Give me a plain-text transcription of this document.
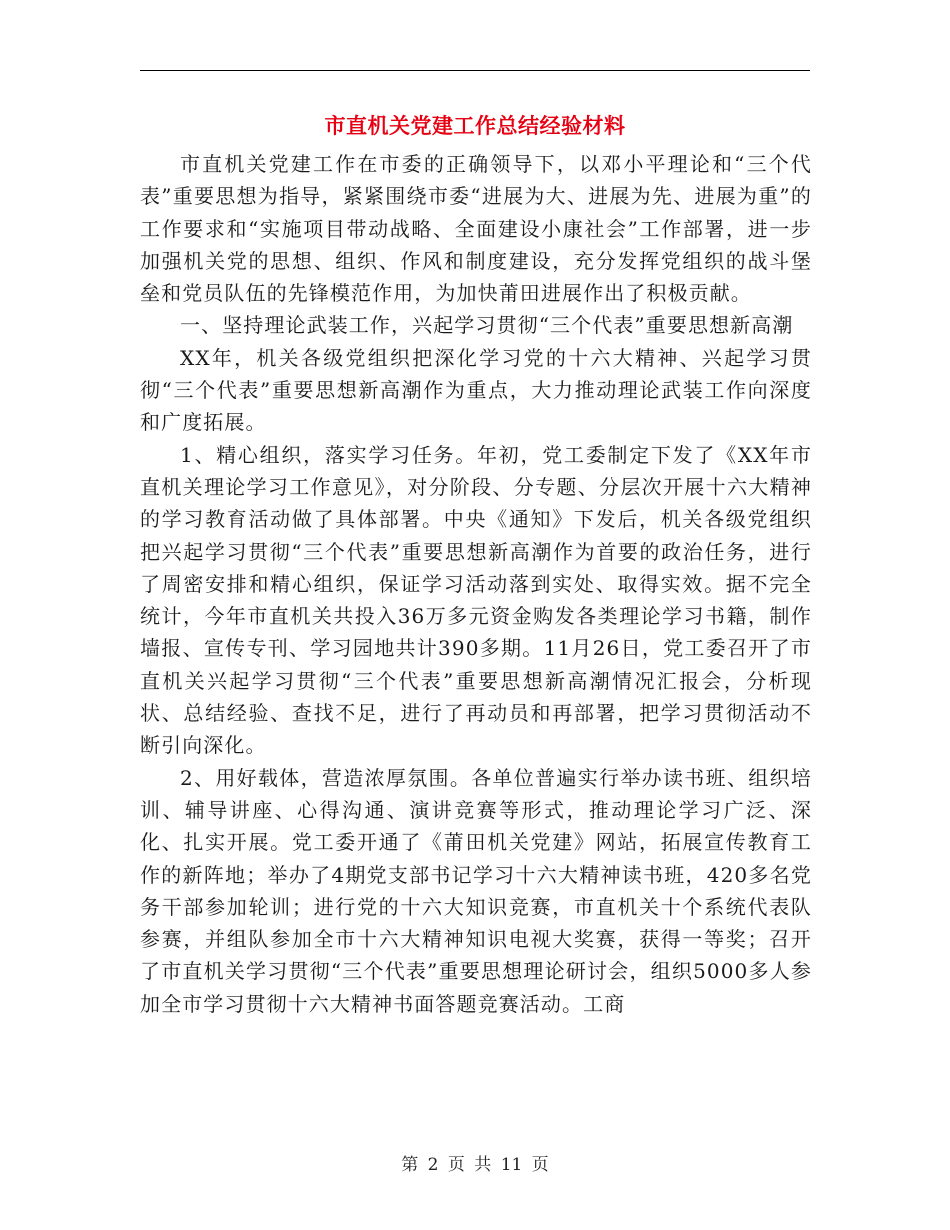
市直机关党建工作总结经验材料

市直机关党建工作在市委的正确领导下，以邓小平理论和“三个代表”重要思想为指导，紧紧围绕市委“进展为大、进展为先、进展为重”的工作要求和“实施项目带动战略、全面建设小康社会”工作部署，进一步加强机关党的思想、组织、作风和制度建设，充分发挥党组织的战斗堡垒和党员队伍的先锋模范作用，为加快莆田进展作出了积极贡献。

一、坚持理论武装工作，兴起学习贯彻“三个代表”重要思想新高潮

XX年，机关各级党组织把深化学习党的十六大精神、兴起学习贯彻“三个代表”重要思想新高潮作为重点，大力推动理论武装工作向深度和广度拓展。

1、精心组织，落实学习任务。年初，党工委制定下发了《XX年市直机关理论学习工作意见》，对分阶段、分专题、分层次开展十六大精神的学习教育活动做了具体部署。中央《通知》下发后，机关各级党组织把兴起学习贯彻“三个代表”重要思想新高潮作为首要的政治任务，进行了周密安排和精心组织，保证学习活动落到实处、取得实效。据不完全统计，今年市直机关共投入36万多元资金购发各类理论学习书籍，制作墙报、宣传专刊、学习园地共计390多期。11月26日，党工委召开了市直机关兴起学习贯彻“三个代表”重要思想新高潮情况汇报会，分析现状、总结经验、查找不足，进行了再动员和再部署，把学习贯彻活动不断引向深化。

2、用好载体，营造浓厚氛围。各单位普遍实行举办读书班、组织培训、辅导讲座、心得沟通、演讲竞赛等形式，推动理论学习广泛、深化、扎实开展。党工委开通了《莆田机关党建》网站，拓展宣传教育工作的新阵地；举办了4期党支部书记学习十六大精神读书班，420多名党务干部参加轮训；进行党的十六大知识竞赛，市直机关十个系统代表队参赛，并组队参加全市十六大精神知识电视大奖赛，获得一等奖；召开了市直机关学习贯彻“三个代表”重要思想理论研讨会，组织5000多人参加全市学习贯彻十六大精神书面答题竞赛活动。工商

第 2 页 共 11 页
